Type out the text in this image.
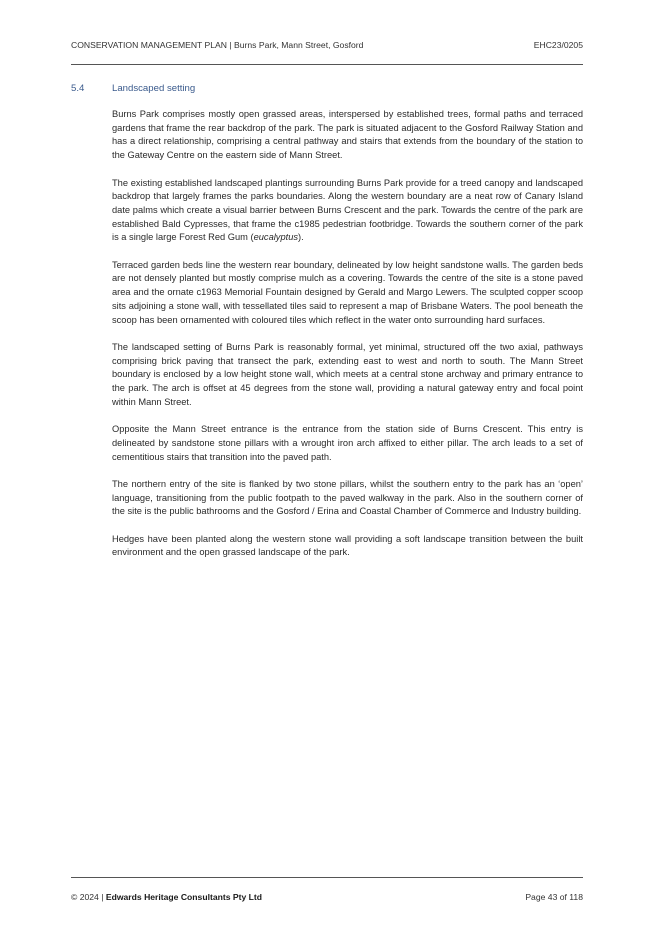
CONSERVATION MANAGEMENT PLAN | Burns Park, Mann Street, Gosford	EHC23/0205
5.4	Landscaped setting

Burns Park comprises mostly open grassed areas, interspersed by established trees, formal paths and terraced gardens that frame the rear backdrop of the park. The park is situated adjacent to the Gosford Railway Station and has a direct relationship, comprising a central pathway and stairs that extends from the boundary of the station to the Gateway Centre on the eastern side of Mann Street.

The existing established landscaped plantings surrounding Burns Park provide for a treed canopy and landscaped backdrop that largely frames the parks boundaries. Along the western boundary are a neat row of Canary Island date palms which create a visual barrier between Burns Crescent and the park. Towards the centre of the park are established Bald Cypresses, that frame the c1985 pedestrian footbridge. Towards the southern corner of the park is a single large Forest Red Gum (eucalyptus).

Terraced garden beds line the western rear boundary, delineated by low height sandstone walls. The garden beds are not densely planted but mostly comprise mulch as a covering. Towards the centre of the site is a stone paved area and the ornate c1963 Memorial Fountain designed by Gerald and Margo Lewers. The sculpted copper scoop sits adjoining a stone wall, with tessellated tiles said to represent a map of Brisbane Waters. The pool beneath the scoop has been ornamented with coloured tiles which reflect in the water onto surrounding hard surfaces.

The landscaped setting of Burns Park is reasonably formal, yet minimal, structured off the two axial, pathways comprising brick paving that transect the park, extending east to west and north to south. The Mann Street boundary is enclosed by a low height stone wall, which meets at a central stone archway and primary entrance to the park. The arch is offset at 45 degrees from the stone wall, providing a natural gateway entry and focal point within Mann Street.

Opposite the Mann Street entrance is the entrance from the station side of Burns Crescent. This entry is delineated by sandstone stone pillars with a wrought iron arch affixed to either pillar. The arch leads to a set of cementitious stairs that transition into the paved path.

The northern entry of the site is flanked by two stone pillars, whilst the southern entry to the park has an ‘open’ language, transitioning from the public footpath to the paved walkway in the park. Also in the southern corner of the site is the public bathrooms and the Gosford / Erina and Coastal Chamber of Commerce and Industry building.

Hedges have been planted along the western stone wall providing a soft landscape transition between the built environment and the open grassed landscape of the park.

© 2024 | Edwards Heritage Consultants Pty Ltd	Page 43 of 118
